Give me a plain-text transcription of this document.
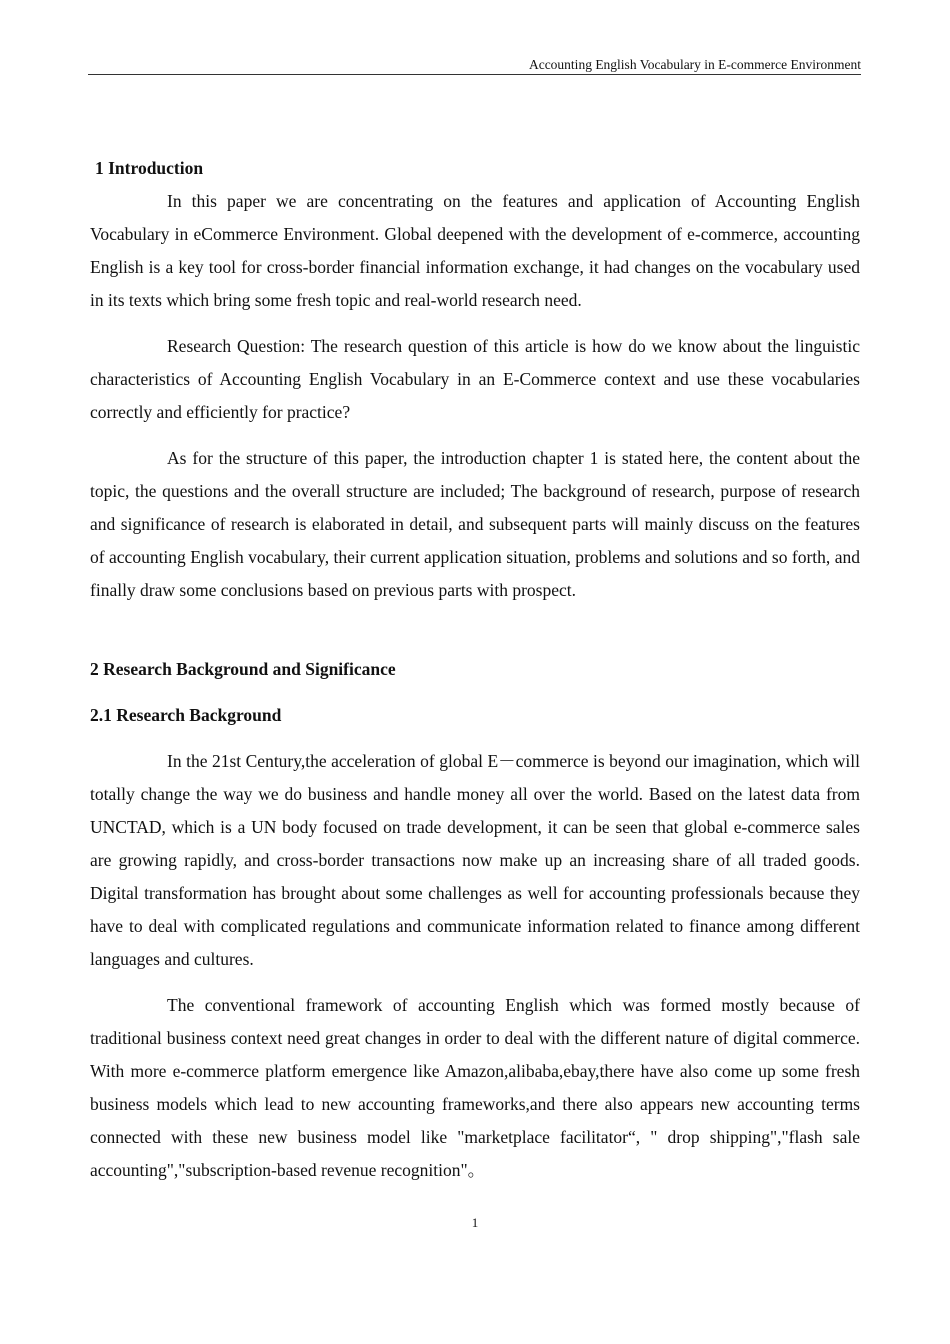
Accounting English Vocabulary in E-commerce Environment
1 Introduction

In this paper we are concentrating on the features and application of Accounting English Vocabulary in eCommerce Environment. Global deepened with the development of e-commerce, accounting English is a key tool for cross-border financial information exchange, it had changes on the vocabulary used in its texts which bring some fresh topic and real-world research need.

Research Question: The research question of this article is how do we know about the linguistic characteristics of Accounting English Vocabulary in an E-Commerce context and use these vocabularies correctly and efficiently for practice?

As for the structure of this paper, the introduction chapter 1 is stated here, the content about the topic, the questions and the overall structure are included; The background of research, purpose of research and significance of research is elaborated in detail, and subsequent parts will mainly discuss on the features of accounting English vocabulary, their current application situation, problems and solutions and so forth, and finally draw some conclusions based on previous parts with prospect.

2 Research Background and Significance
2.1 Research Background

In the 21st Century,the acceleration of global E－commerce is beyond our imagination, which will totally change the way we do business and handle money all over the world. Based on the latest data from UNCTAD, which is a UN body focused on trade development, it can be seen that global e-commerce sales are growing rapidly, and cross-border transactions now make up an increasing share of all traded goods. Digital transformation has brought about some challenges as well for accounting professionals because they have to deal with complicated regulations and communicate information related to finance among different languages and cultures.

The conventional framework of accounting English which was formed mostly because of traditional business context need great changes in order to deal with the different nature of digital commerce. With more e-commerce platform emergence like Amazon,alibaba,ebay,there have also come up some fresh business models which lead to new accounting frameworks,and there also appears new accounting terms connected with these new business model like "marketplace facilitator“, " drop shipping","flash sale accounting","subscription-based revenue recognition"。

1
